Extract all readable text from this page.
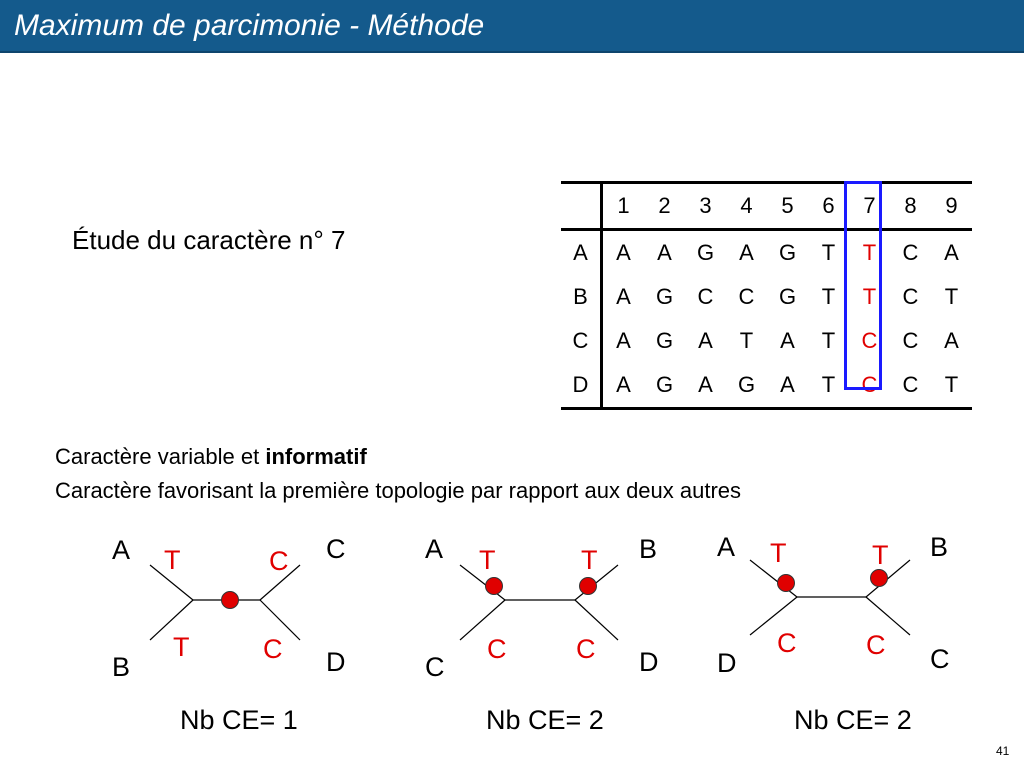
Maximum de parcimonie - Méthode
Étude du caractère n° 7
	1	2	3	4	5	6	7	8	9
A	A	A	G	A	G	T	T	C	A
B	A	G	C	C	G	T	T	C	T
C	A	G	A	T	A	T	C	C	A
D	A	G	A	G	A	T	C	C	T
Caractère variable et informatif
Caractère favorisant la première topologie par rapport aux deux autres
A	C
B	D
T	C
T	C
Nb CE= 1
A	B
C	D
T	T
C	C
Nb CE= 2
A	B
D	C
T	T
C	C
Nb CE= 2
41
